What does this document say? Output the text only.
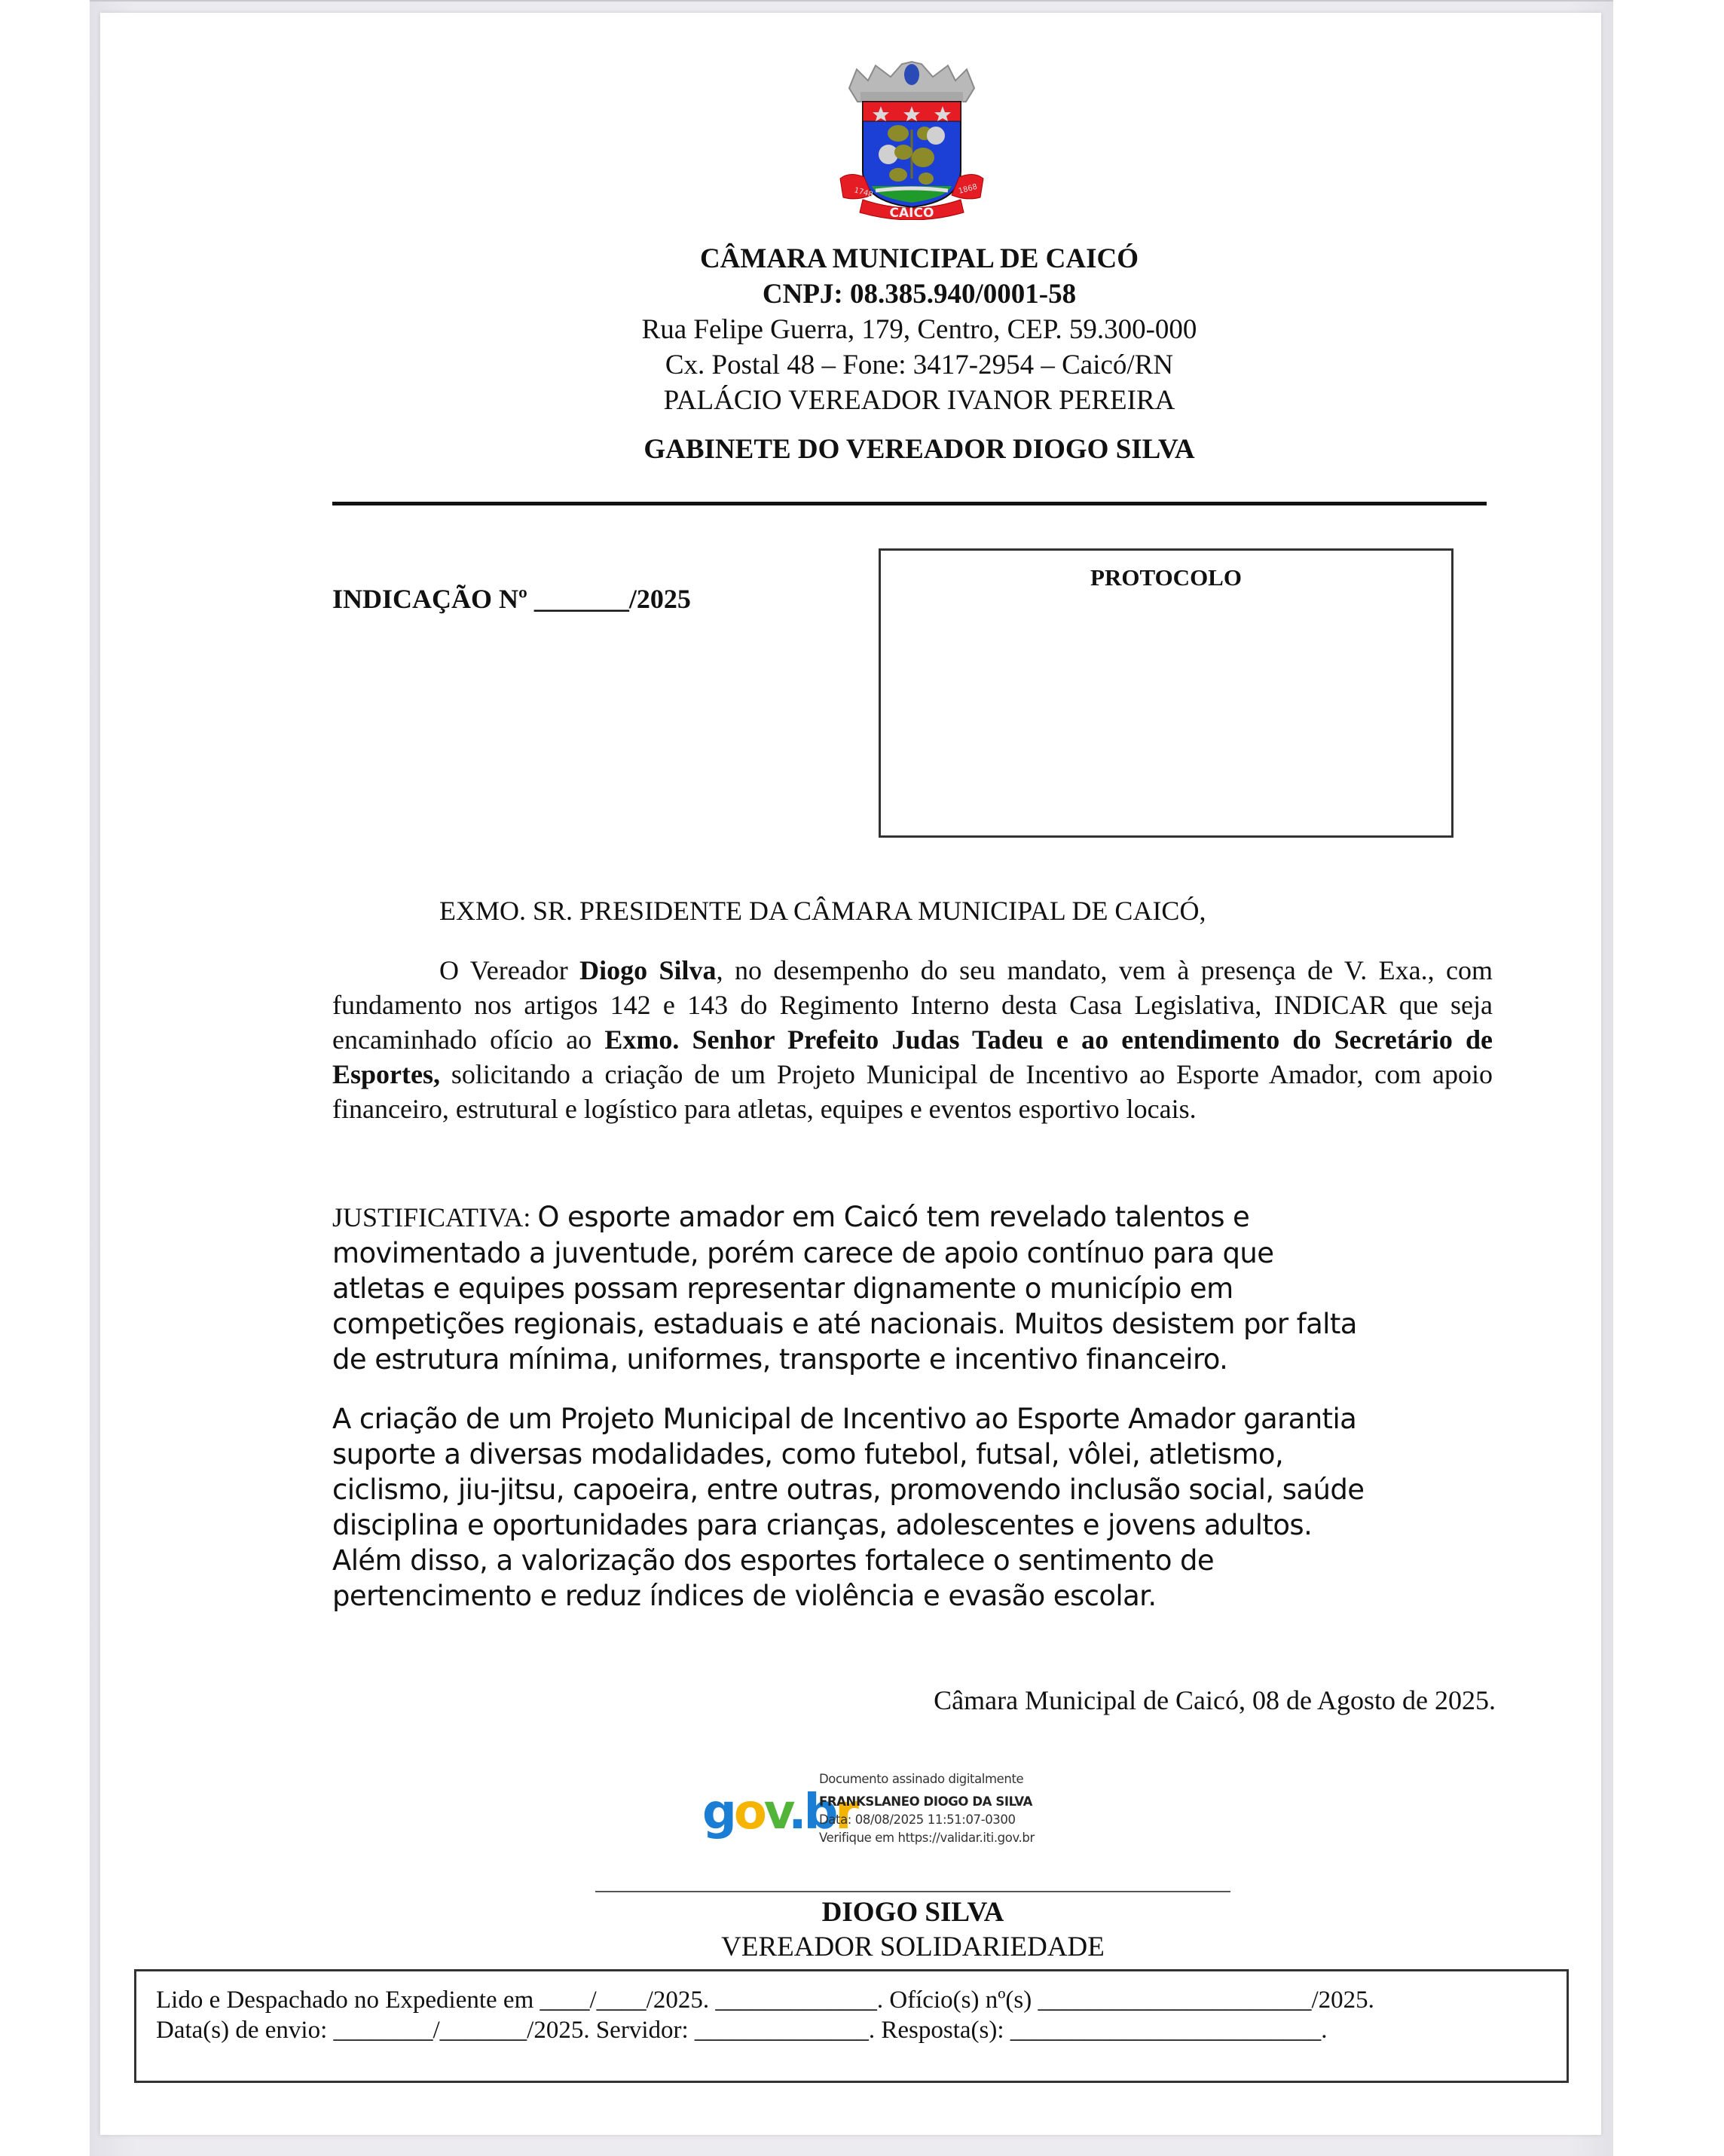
1748	1868
CAICÓ
CÂMARA MUNICIPAL DE CAICÓ
CNPJ: 08.385.940/0001-58
Rua Felipe Guerra, 179, Centro, CEP. 59.300-000
Cx. Postal 48 – Fone: 3417-2954 – Caicó/RN
PALÁCIO VEREADOR IVANOR PEREIRA
GABINETE DO VEREADOR DIOGO SILVA
INDICAÇÃO Nº _______/2025
PROTOCOLO
EXMO. SR. PRESIDENTE DA CÂMARA MUNICIPAL DE CAICÓ,
O Vereador Diogo Silva, no desempenho do seu mandato, vem à presença de V. Exa., com fundamento nos artigos 142 e 143 do Regimento Interno desta Casa Legislativa, INDICAR que seja encaminhado ofício ao Exmo. Senhor Prefeito Judas Tadeu e ao entendimento do Secretário de Esportes, solicitando a criação de um Projeto Municipal de Incentivo ao Esporte Amador, com apoio financeiro, estrutural e logístico para atletas, equipes e eventos esportivo locais.
JUSTIFICATIVA: O esporte amador em Caicó tem revelado talentos e
movimentado a juventude, porém carece de apoio contínuo para que
atletas e equipes possam representar dignamente o município em
competições regionais, estaduais e até nacionais. Muitos desistem por falta
de estrutura mínima, uniformes, transporte e incentivo financeiro.
A criação de um Projeto Municipal de Incentivo ao Esporte Amador garantia
suporte a diversas modalidades, como futebol, futsal, vôlei, atletismo,
ciclismo, jiu-jitsu, capoeira, entre outras, promovendo inclusão social, saúde
disciplina e oportunidades para crianças, adolescentes e jovens adultos.
Além disso, a valorização dos esportes fortalece o sentimento de
pertencimento e reduz índices de violência e evasão escolar.
Câmara Municipal de Caicó, 08 de Agosto de 2025.
gov.br
Documento assinado digitalmente
FRANKSLANEO DIOGO DA SILVA
Data: 08/08/2025 11:51:07-0300
Verifique em https://validar.iti.gov.br
DIOGO SILVA
VEREADOR SOLIDARIEDADE
Lido e Despachado no Expediente em ____/____/2025. _____________. Ofício(s) nº(s) ______________________/2025.
Data(s) de envio: ________/_______/2025. Servidor: ______________. Resposta(s): _________________________.
